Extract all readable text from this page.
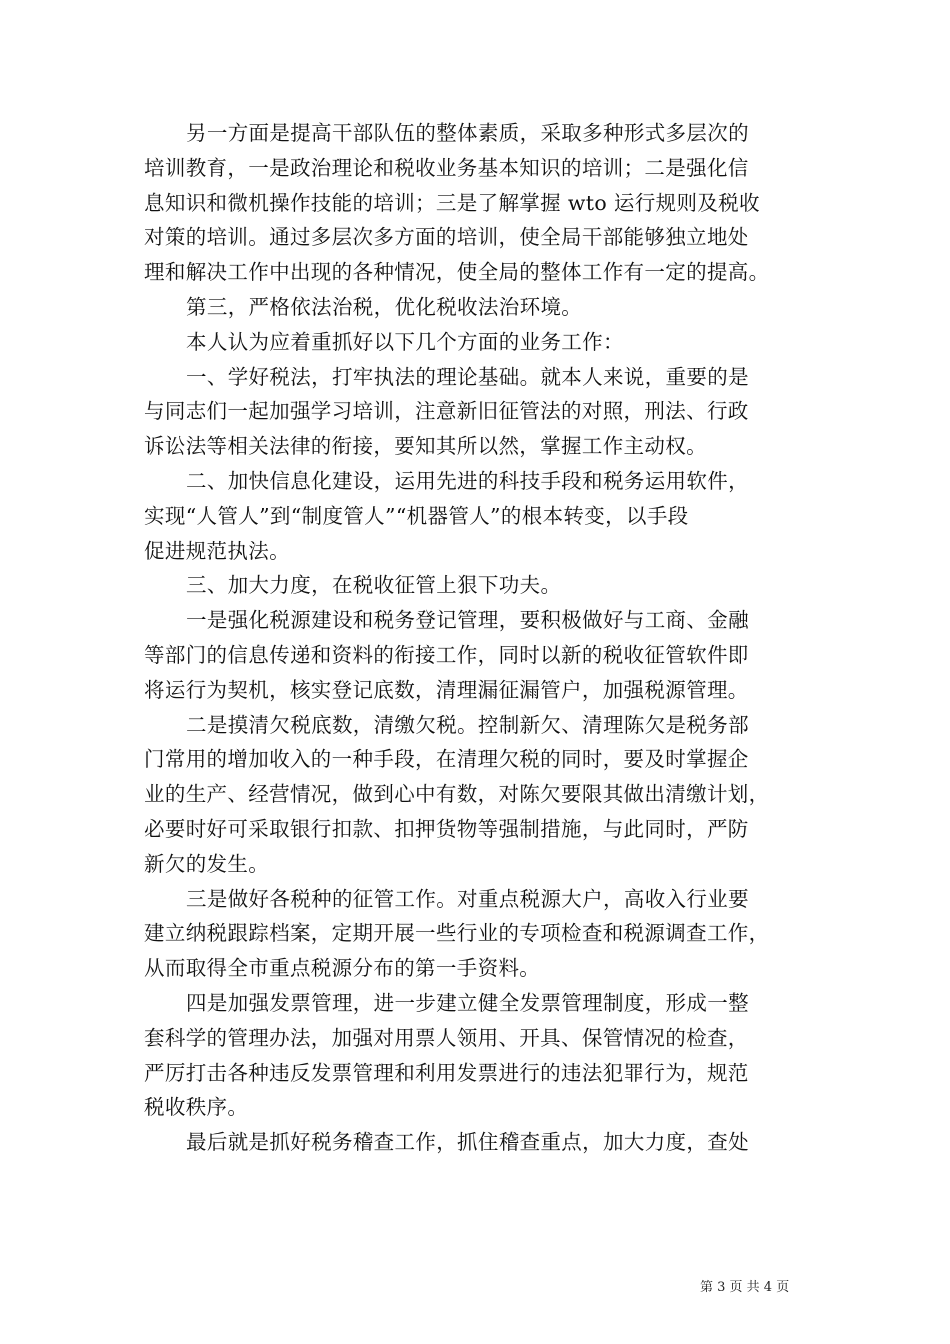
另一方面是提高干部队伍的整体素质，采取多种形式多层次的
培训教育，一是政治理论和税收业务基本知识的培训；二是强化信
息知识和微机操作技能的培训；三是了解掌握 wto 运行规则及税收
对策的培训。通过多层次多方面的培训，使全局干部能够独立地处
理和解决工作中出现的各种情况，使全局的整体工作有一定的提高。
第三，严格依法治税，优化税收法治环境。
本人认为应着重抓好以下几个方面的业务工作：
一、学好税法，打牢执法的理论基础。就本人来说，重要的是
与同志们一起加强学习培训，注意新旧征管法的对照，刑法、行政
诉讼法等相关法律的衔接，要知其所以然，掌握工作主动权。
二、加快信息化建设，运用先进的科技手段和税务运用软件，
实现“人管人”到“制度管人”“机器管人”的根本转变，以手段
促进规范执法。
三、加大力度，在税收征管上狠下功夫。
一是强化税源建设和税务登记管理，要积极做好与工商、金融
等部门的信息传递和资料的衔接工作，同时以新的税收征管软件即
将运行为契机，核实登记底数，清理漏征漏管户，加强税源管理。
二是摸清欠税底数，清缴欠税。控制新欠、清理陈欠是税务部
门常用的增加收入的一种手段，在清理欠税的同时，要及时掌握企
业的生产、经营情况，做到心中有数，对陈欠要限其做出清缴计划，
必要时好可采取银行扣款、扣押货物等强制措施，与此同时，严防
新欠的发生。
三是做好各税种的征管工作。对重点税源大户，高收入行业要
建立纳税跟踪档案，定期开展一些行业的专项检查和税源调查工作，
从而取得全市重点税源分布的第一手资料。
四是加强发票管理，进一步建立健全发票管理制度，形成一整
套科学的管理办法，加强对用票人领用、开具、保管情况的检查，
严厉打击各种违反发票管理和利用发票进行的违法犯罪行为，规范
税收秩序。
最后就是抓好税务稽查工作，抓住稽查重点，加大力度，查处
第 3 页 共 4 页
